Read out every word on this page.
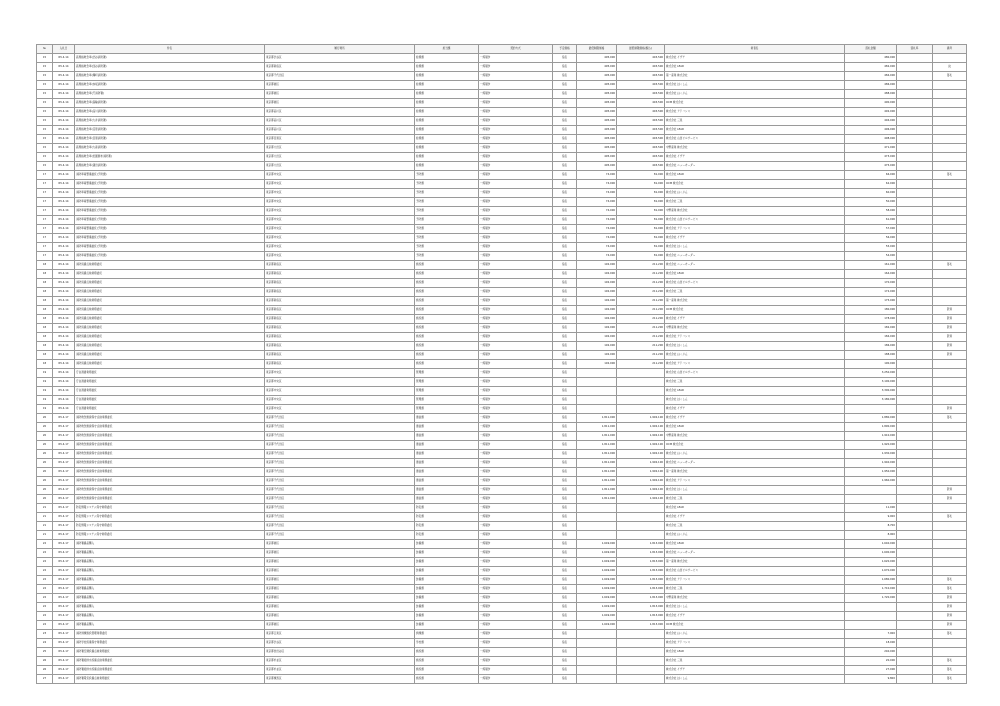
№	入札日	件名	履行場所	担当課	契約方式	予定価格	最低制限価格	最低制限価格(税込)	業者名	落札金額	落札率	備考
15	R5.4.14	高規格救急車(渋谷消防署)	東京都渋谷区	総務課	一般競争	指名	495,000	445,500	株式会社 イザテ	480,000		
15	R5.4.14	高規格救急車(四谷消防署)	東京都新宿区	総務課	一般競争	指名	495,000	445,500	株式会社 LEAD	482,000		決
15	R5.4.14	高規格救急車(麹町消防署)	東京都千代田区	総務課	一般競争	指名	495,000	445,500	第一産業 株式会社	484,000		落札
15	R5.4.14	高規格救急車(赤坂消防署)	東京都港区	総務課	一般競争	指名	495,000	445,500	株式会社 ほくしん	486,000		
15	R5.4.14	高規格救急車(芝消防署)	東京都港区	総務課	一般競争	指名	495,000	445,500	株式会社 はくぶん	488,000		
15	R5.4.14	高規格救急車(高輪消防署)	東京都港区	総務課	一般競争	指名	495,000	445,500	OCM 株式会社	490,000		
15	R5.4.14	高規格救急車(品川消防署)	東京都品川区	総務課	一般競争	指名	495,000	445,500	株式会社 アドバンス	492,000		
15	R5.4.14	高規格救急車(大井消防署)	東京都品川区	総務課	一般競争	指名	495,000	445,500	株式会社 三晃	494,000		
15	R5.4.14	高規格救急車(荏原消防署)	東京都品川区	総務課	一般競争	指名	495,000	445,500	株式会社 LEAD	496,000		
15	R5.4.14	高規格救急車(目黒消防署)	東京都目黒区	総務課	一般競争	指名	495,000	445,500	株式会社 山田ビルサービス	498,000		
15	R5.4.14	高規格救急車(大森消防署)	東京都大田区	総務課	一般競争	指名	495,000	445,500	中野産業 株式会社	471,000		
15	R5.4.14	高規格救急車(田園調布消防署)	東京都大田区	総務課	一般競争	指名	495,000	445,500	株式会社 イザテ	473,000		
15	R5.4.14	高規格救急車(蒲田消防署)	東京都大田区	総務課	一般競争	指名	495,000	445,500	株式会社 ニューオーダー	475,000		
17	R5.4.14	消防車両整備委託(予防課)	東京都中央区	予防課	一般競争	指名	74,000	81,000	株式会社 LEAD	66,000		落札
17	R5.4.14	消防車両整備委託(予防課)	東京都中央区	予防課	一般競争	指名	74,000	81,000	OCM 株式会社	62,000		
17	R5.4.14	消防車両整備委託(予防課)	東京都中央区	予防課	一般競争	指名	74,000	81,000	株式会社 はくぶん	60,000		
17	R5.4.14	消防車両整備委託(予防課)	東京都中央区	予防課	一般競争	指名	74,000	81,000	株式会社 三晃	50,000		
17	R5.4.14	消防車両整備委託(予防課)	東京都中央区	予防課	一般競争	指名	74,000	81,000	中野産業 株式会社	58,000		
17	R5.4.14	消防車両整備委託(予防課)	東京都中央区	予防課	一般競争	指名	74,000	81,000	株式会社 山田ビルサービス	61,000		
17	R5.4.14	消防車両整備委託(予防課)	東京都中央区	予防課	一般競争	指名	74,000	81,000	株式会社 アドバンス	57,000		
17	R5.4.14	消防車両整備委託(予防課)	東京都中央区	予防課	一般競争	指名	74,000	81,000	株式会社 イザテ	56,000		
17	R5.4.14	消防車両整備委託(予防課)	東京都中央区	予防課	一般競争	指名	74,000	81,000	株式会社 ほくしん	55,000		
17	R5.4.14	消防車両整備委託(予防課)	東京都中央区	予防課	一般競争	指名	74,000	81,000	株式会社 ニューオーダー	54,000		
18	R5.4.14	消防設備点検業務委託	東京都新宿区	施設課	一般競争	指名	192,000	211,200	株式会社 ニューオーダー	161,000		落札
18	R5.4.14	消防設備点検業務委託	東京都新宿区	施設課	一般競争	指名	192,000	211,200	株式会社 LEAD	164,000		
18	R5.4.14	消防設備点検業務委託	東京都新宿区	施設課	一般競争	指名	192,000	211,200	株式会社 山田ビルサービス	170,000		
18	R5.4.14	消防設備点検業務委託	東京都新宿区	施設課	一般競争	指名	192,000	211,200	株式会社 三晃	172,000		
18	R5.4.14	消防設備点検業務委託	東京都新宿区	施設課	一般競争	指名	192,000	211,200	第一産業 株式会社	175,000		
18	R5.4.14	消防設備点検業務委託	東京都新宿区	施設課	一般競争	指名	192,000	211,200	OCM 株式会社	180,000		辞退
18	R5.4.14	消防設備点検業務委託	東京都新宿区	施設課	一般競争	指名	192,000	211,200	株式会社 イザテ	178,000		辞退
18	R5.4.14	消防設備点検業務委託	東京都新宿区	施設課	一般競争	指名	192,000	211,200	中野産業 株式会社	182,000		辞退
18	R5.4.14	消防設備点検業務委託	東京都新宿区	施設課	一般競争	指名	192,000	211,200	株式会社 アドバンス	184,000		辞退
18	R5.4.14	消防設備点検業務委託	東京都新宿区	施設課	一般競争	指名	192,000	211,200	株式会社 ほくしん	186,000		辞退
18	R5.4.14	消防設備点検業務委託	東京都新宿区	施設課	一般競争	指名	192,000	211,200	株式会社 はくぶん	188,000		辞退
18	R5.4.14	消防設備点検業務委託	東京都新宿区	施設課	一般競争	指名	192,000	211,200	株式会社 アドバンス	190,000		
19	R5.4.14	庁舎清掃業務委託	東京都中央区	管理課	一般競争	指名			株式会社 山田ビルサービス	3,250,000		
19	R5.4.14	庁舎清掃業務委託	東京都中央区	管理課	一般競争	指名			株式会社 三晃	3,100,000		
19	R5.4.14	庁舎清掃業務委託	東京都中央区	管理課	一般競争	指名			株式会社 LEAD	3,300,000		
19	R5.4.14	庁舎清掃業務委託	東京都中央区	管理課	一般競争	指名			株式会社 ほくしん	3,180,000		
19	R5.4.14	庁舎清掃業務委託	東京都中央区	管理課	一般競争	指名			株式会社 イザテ			辞退
20	R5.4.17	消防救急無線保守点検業務委託	東京都千代田区	通信課	一般競争	指名	1,811,000	1,992,100	株式会社 イザテ	1,880,000		落札
20	R5.4.17	消防救急無線保守点検業務委託	東京都千代田区	通信課	一般競争	指名	1,811,000	1,992,100	株式会社 LEAD	1,890,000		
20	R5.4.17	消防救急無線保守点検業務委託	東京都千代田区	通信課	一般競争	指名	1,811,000	1,992,100	中野産業 株式会社	1,910,000		
20	R5.4.17	消防救急無線保守点検業務委託	東京都千代田区	通信課	一般競争	指名	1,811,000	1,992,100	OCM 株式会社	1,920,000		
20	R5.4.17	消防救急無線保守点検業務委託	東京都千代田区	通信課	一般競争	指名	1,811,000	1,992,100	株式会社 はくぶん	1,930,000		
20	R5.4.17	消防救急無線保守点検業務委託	東京都千代田区	通信課	一般競争	指名	1,811,000	1,992,100	株式会社 ニューオーダー	1,940,000		
20	R5.4.17	消防救急無線保守点検業務委託	東京都千代田区	通信課	一般競争	指名	1,811,000	1,992,100	第一産業 株式会社	1,950,000		
20	R5.4.17	消防救急無線保守点検業務委託	東京都千代田区	通信課	一般競争	指名	1,811,000	1,992,100	株式会社 アドバンス	1,960,000		
20	R5.4.17	消防救急無線保守点検業務委託	東京都千代田区	通信課	一般競争	指名	1,811,000	1,992,100	株式会社 ほくしん			辞退
20	R5.4.17	消防救急無線保守点検業務委託	東京都千代田区	通信課	一般競争	指名	1,811,000	1,992,100	株式会社 三晃			辞退
21	R5.4.17	防災情報システム保守業務委託	東京都千代田区	防災課	一般競争	指名			株式会社 LEAD	11,000		
21	R5.4.17	防災情報システム保守業務委託	東京都千代田区	防災課	一般競争	指名			株式会社 イザテ	9,000		落札
21	R5.4.17	防災情報システム保守業務委託	東京都千代田区	防災課	一般競争	指名			株式会社 三晃	8,700		
21	R5.4.17	防災情報システム保守業務委託	東京都千代田区	防災課	一般競争	指名			株式会社 はくぶん	8,900		
22	R5.4.17	消防署備品購入	東京都港区	装備課	一般競争	指名	1,649,000	1,813,900	株式会社 LEAD	1,640,000		
22	R5.4.17	消防署備品購入	東京都港区	装備課	一般競争	指名	1,649,000	1,813,900	株式会社 ニューオーダー	1,600,000		
22	R5.4.17	消防署備品購入	東京都港区	装備課	一般競争	指名	1,649,000	1,813,900	第一産業 株式会社	1,620,000		
22	R5.4.17	消防署備品購入	東京都港区	装備課	一般競争	指名	1,649,000	1,813,900	株式会社 山田ビルサービス	1,670,000		
22	R5.4.17	消防署備品購入	東京都港区	装備課	一般競争	指名	1,649,000	1,813,900	株式会社 アドバンス	1,680,000		落札
22	R5.4.17	消防署備品購入	東京都港区	装備課	一般競争	指名	1,649,000	1,813,900	株式会社 三晃	1,710,000		落札
22	R5.4.17	消防署備品購入	東京都港区	装備課	一般競争	指名	1,649,000	1,813,900	中野産業 株式会社	1,720,000		辞退
22	R5.4.17	消防署備品購入	東京都港区	装備課	一般競争	指名	1,649,000	1,813,900	株式会社 ほくしん			辞退
22	R5.4.17	消防署備品購入	東京都港区	装備課	一般競争	指名	1,649,000	1,813,900	株式会社 イザテ			辞退
22	R5.4.17	消防署備品購入	東京都港区	装備課	一般競争	指名	1,649,000	1,813,900	OCM 株式会社			辞退
23	R5.4.17	消防訓練施設管理業務委託	東京都江東区	訓練課	一般競争	指名			株式会社 はくぶん	7,000		落札
24	R5.4.17	消防学校設備保守業務委託	東京都渋谷区	学校課	一般競争	指名			株式会社 アドバンス	18,000		
25	R5.4.17	消防署空調設備点検業務委託	東京都世田谷区	施設課	一般競争	指名			株式会社 LEAD	240,000		
26	R5.4.17	消防署給排水設備点検業務委託	東京都杉並区	施設課	一般競争	指名			株式会社 三晃	20,000		落札
26	R5.4.17	消防署給排水設備点検業務委託	東京都杉並区	施設課	一般競争	指名			株式会社 イザテ	27,000		落札
27	R5.4.17	消防署電気設備点検業務委託	東京都練馬区	施設課	一般競争	指名			株式会社 ほくしん	9,800		落札
